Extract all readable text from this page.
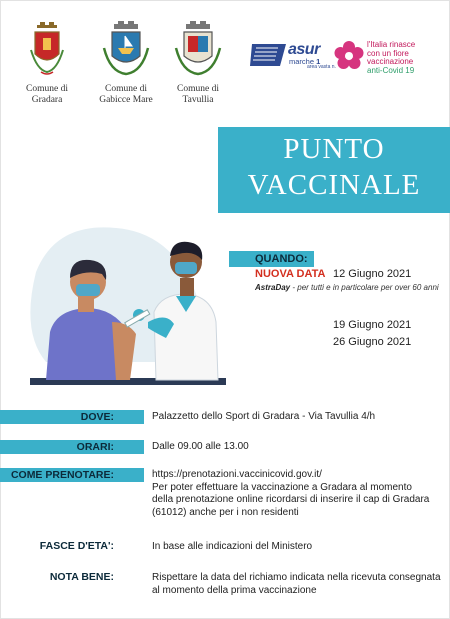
Comune di
Gradara
Comune di
Gabicce Mare
Comune di
Tavullia
asur
marche 1
area vasta n.
l'Italia rinasce
con un fiore
vaccinazione
anti-Covid 19
PUNTO
VACCINALE
QUANDO:
NUOVA DATA 12 Giugno 2021
AstraDay - per tutti e in particolare per over 60 anni
19 Giugno 2021
26 Giugno 2021
DOVE:	Palazzetto dello Sport di Gradara - Via Tavullia 4/h
ORARI:	Dalle 09.00 alle 13.00
COME PRENOTARE:	https://prenotazioni.vaccinicovid.gov.it/
Per poter effettuare la vaccinazione a Gradara al momento della prenotazione online ricordarsi di inserire il cap di Gradara (61012) anche per i non residenti
FASCE D'ETA':	In base alle indicazioni del Ministero
NOTA BENE:	Rispettare la data del richiamo indicata nella ricevuta consegnata al momento della prima vaccinazione
